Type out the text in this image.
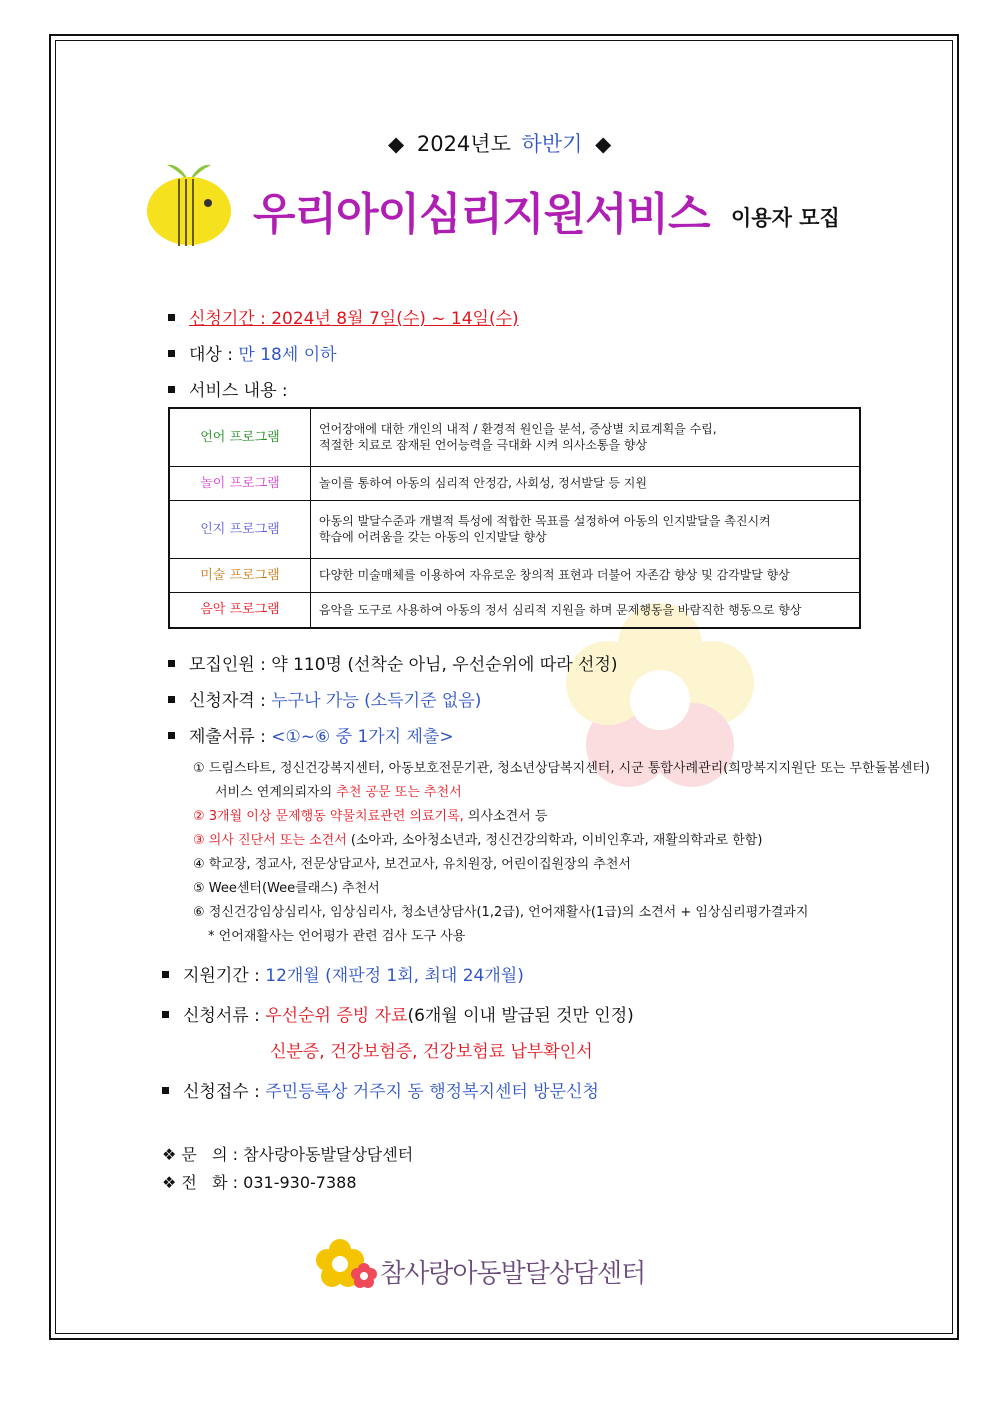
◆ 2024년도 하반기 ◆
우리아이심리지원서비스 이용자 모집
신청기간 : 2024년 8월 7일(수) ~ 14일(수)
대상 : 만 18세 이하
서비스 내용 :
언어 프로그램	언어장애에 대한 개인의 내적 / 환경적 원인을 분석, 증상별 치료계획을 수립,
적절한 치료로 잠재된 언어능력을 극대화 시켜 의사소통을 향상

놀이 프로그램	놀이를 통하여 아동의 심리적 안정감, 사회성, 정서발달 등 지원

인지 프로그램	아동의 발달수준과 개별적 특성에 적합한 목표를 설정하여 아동의 인지발달을 촉진시켜
학습에 어려움을 갖는 아동의 인지발달 향상

미술 프로그램	다양한 미술매체를 이용하여 자유로운 창의적 표현과 더불어 자존감 향상 및 감각발달 향상

음악 프로그램	음악을 도구로 사용하여 아동의 정서 심리적 지원을 하며 문제행동을 바람직한 행동으로 향상
모집인원 : 약 110명 (선착순 아님, 우선순위에 따라 선정)
신청자격 : 누구나 가능 (소득기준 없음)
제출서류 : <①~⑥ 중 1가지 제출>
① 드림스타트, 정신건강복지센터, 아동보호전문기관, 청소년상담복지센터, 시군 통합사례관리(희망복지지원단 또는 무한돌봄센터)
서비스 연계의뢰자의 추천 공문 또는 추천서
② 3개월 이상 문제행동 약물치료관련 의료기록, 의사소견서 등
③ 의사 진단서 또는 소견서 (소아과, 소아청소년과, 정신건강의학과, 이비인후과, 재활의학과로 한함)
④ 학교장, 정교사, 전문상담교사, 보건교사, 유치원장, 어린이집원장의 추천서
⑤ Wee센터(Wee클래스) 추천서
⑥ 정신건강임상심리사, 임상심리사, 청소년상담사(1,2급), 언어재활사(1급)의 소견서 + 임상심리평가결과지
* 언어재활사는 언어평가 관련 검사 도구 사용
지원기간 : 12개월 (재판정 1회, 최대 24개월)
신청서류 : 우선순위 증빙 자료(6개월 이내 발급된 것만 인정)
신분증, 건강보험증, 건강보험료 납부확인서
신청접수 : 주민등록상 거주지 동 행정복지센터 방문신청
❖ 문   의 : 참사랑아동발달상담센터
❖ 전   화 : 031-930-7388
참사랑아동발달상담센터
